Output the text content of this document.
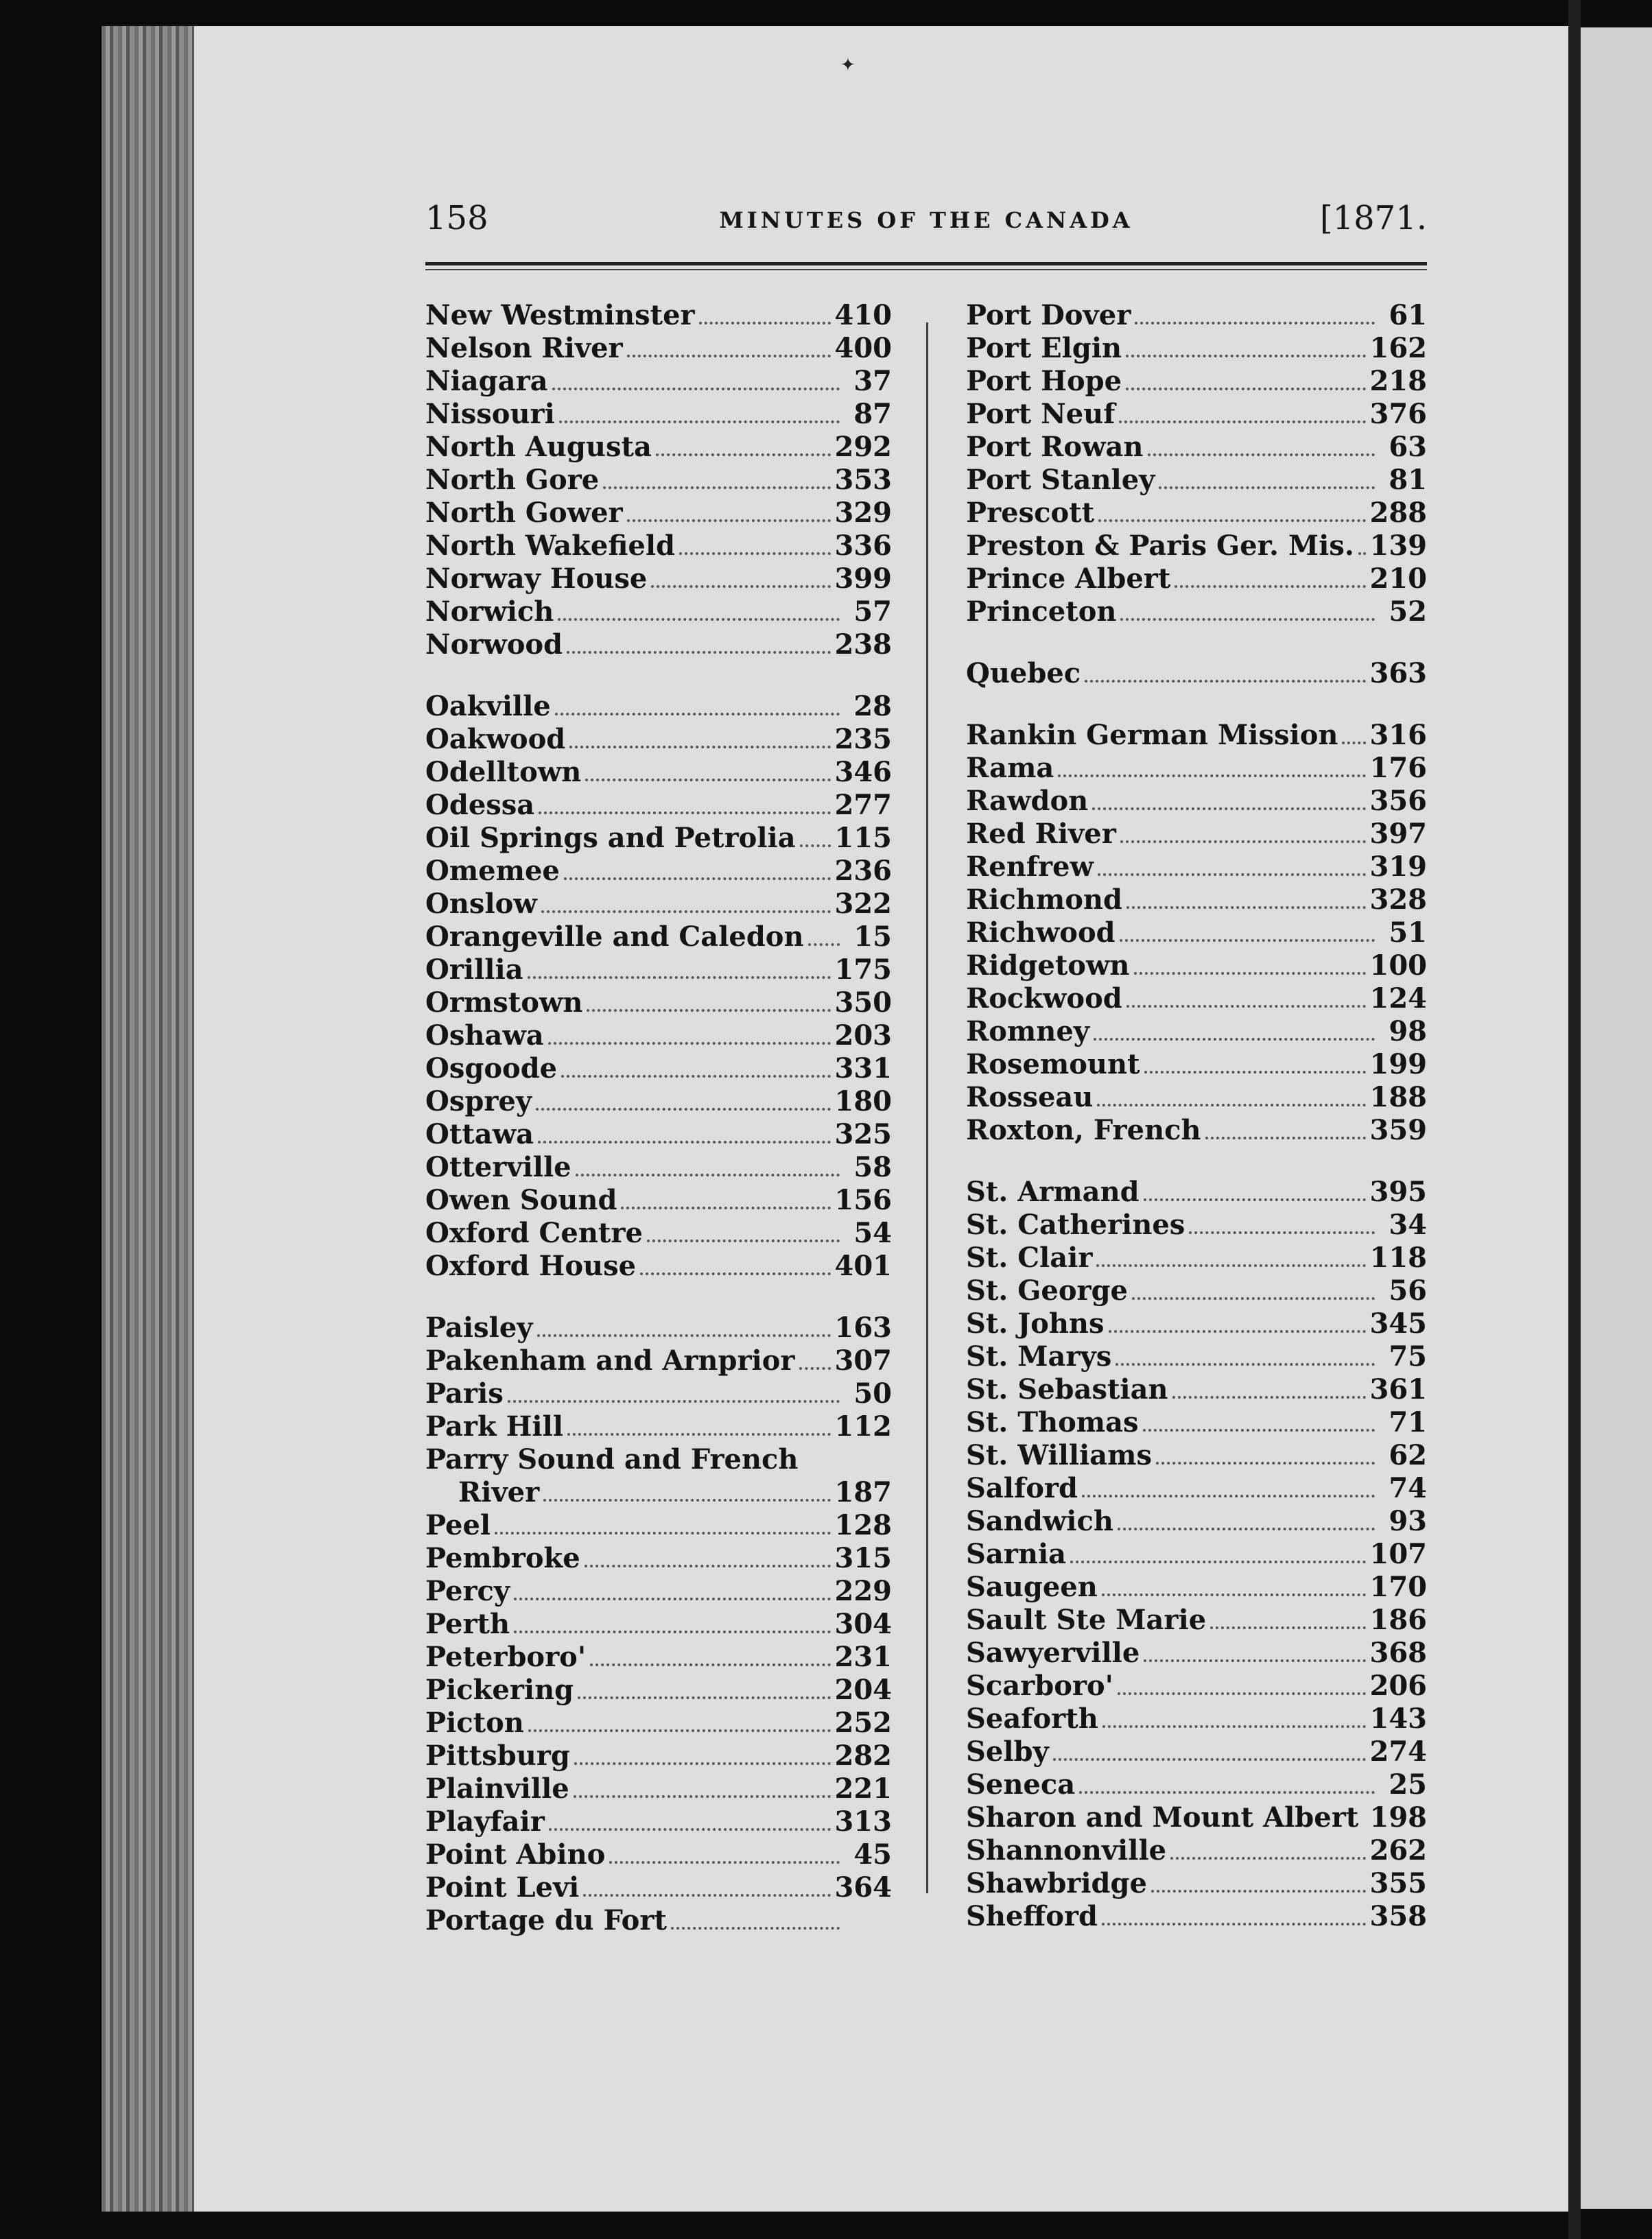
✦
158	MINUTES OF THE CANADA	[1871.
New Westminster	410
Nelson River	400
Niagara	37
Nissouri	87
North Augusta	292
North Gore	353
North Gower	329
North Wakefield	336
Norway House	399
Norwich	57
Norwood	238
Oakville	28
Oakwood	235
Odelltown	346
Odessa	277
Oil Springs and Petrolia 115
Omemee	236
Onslow	322
Orangeville and Caledon	15
Orillia	175
Ormstown	350
Oshawa	203
Osgoode	331
Osprey	180
Ottawa	325
Otterville	58
Owen Sound	156
Oxford Centre	54
Oxford House	401
Paisley	163
Pakenham and Arnprior 307
Paris	50
Park Hill	112
Parry Sound and French
River	187
Peel	128
Pembroke	315
Percy	229
Perth	304
Peterboro'	231
Pickering	204
Picton	252
Pittsburg	282
Plainville	221
Playfair	313
Point Abino	45
Point Levi	364
Portage du Fort
Port Dover	61
Port Elgin	162
Port Hope	218
Port Neuf	376
Port Rowan	63
Port Stanley	81
Prescott	288
Preston & Paris Ger. Mis. 139
Prince Albert	210
Princeton	52
Quebec	363
Rankin German Mission 316
Rama	176
Rawdon	356
Red River	397
Renfrew	319
Richmond	328
Richwood	51
Ridgetown	100
Rockwood	124
Romney	98
Rosemount	199
Rosseau	188
Roxton, French	359
St. Armand	395
St. Catherines	34
St. Clair	118
St. George	56
St. Johns	345
St. Marys	75
St. Sebastian	361
St. Thomas	71
St. Williams	62
Salford	74
Sandwich	93
Sarnia	107
Saugeen	170
Sault Ste Marie	186
Sawyerville	368
Scarboro'	206
Seaforth	143
Selby	274
Seneca	25
Sharon and Mount Albert 198
Shannonville	262
Shawbridge	355
Shefford	358
